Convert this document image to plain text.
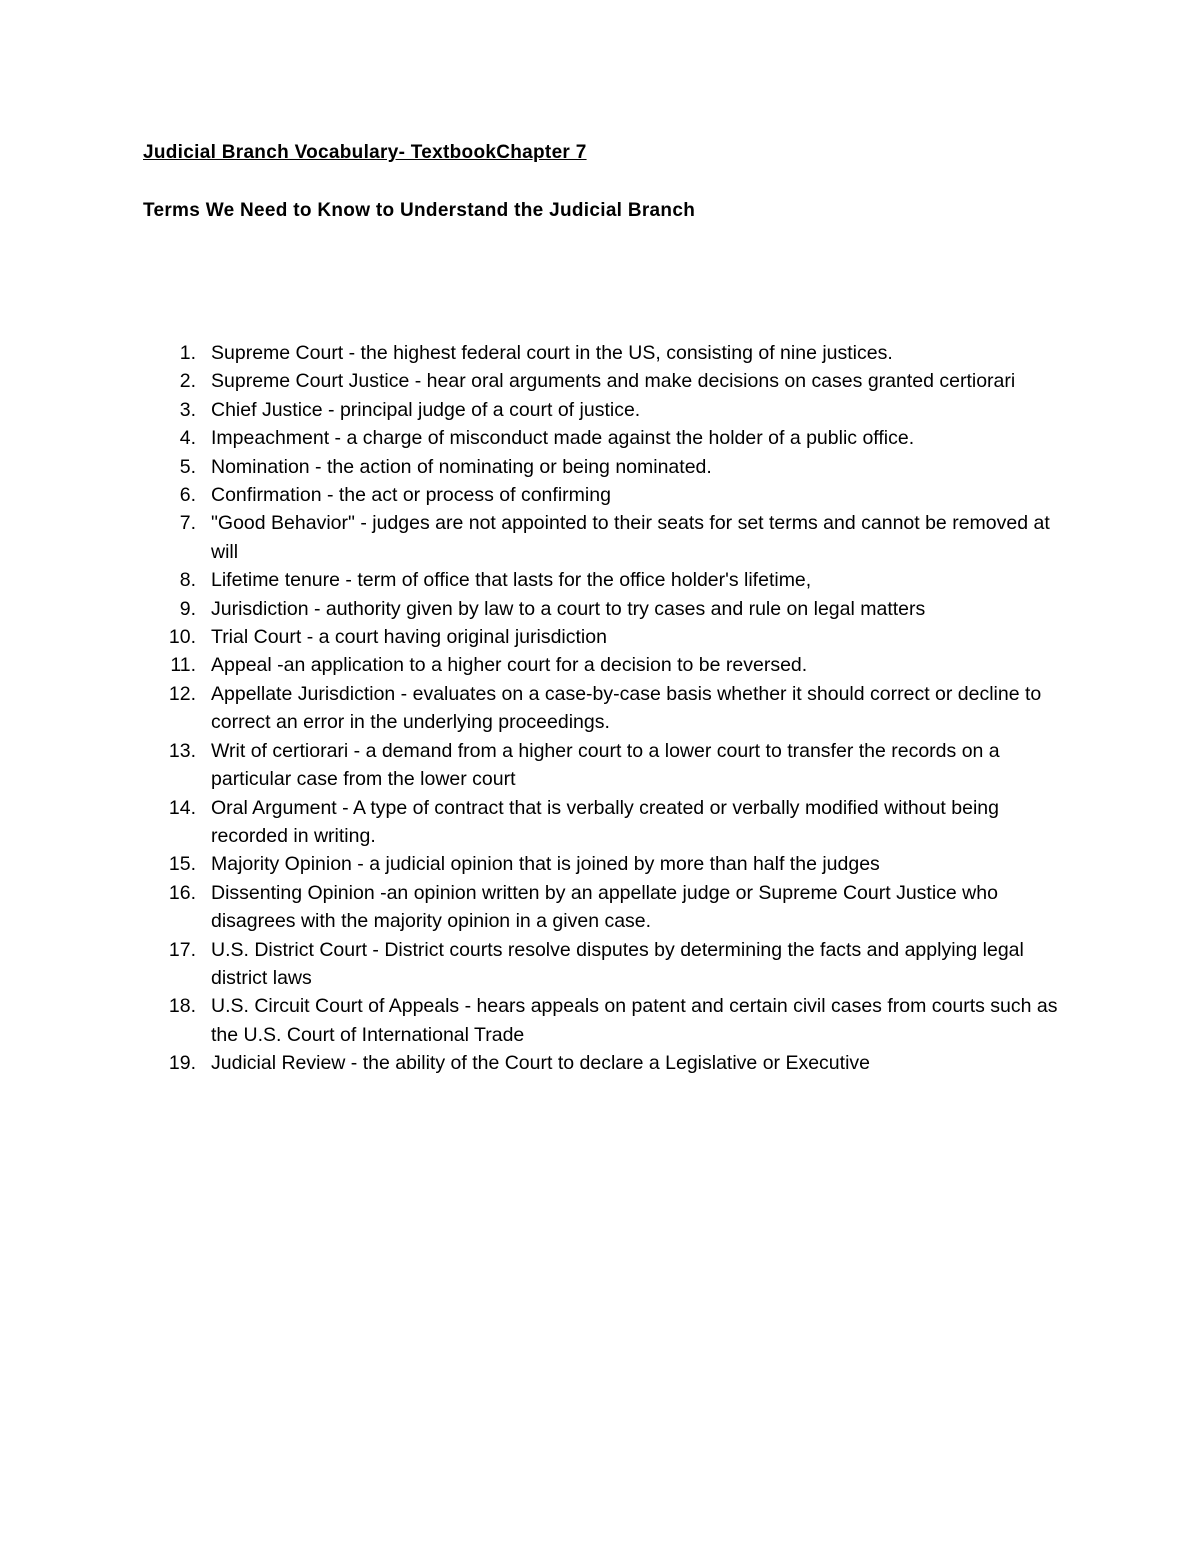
Judicial Branch Vocabulary- TextbookChapter 7
Terms We Need to Know to Understand the Judicial Branch
1. Supreme Court - the highest federal court in the US, consisting of nine justices.
2. Supreme Court Justice - hear oral arguments and make decisions on cases granted certiorari
3. Chief Justice - principal judge of a court of justice.
4. Impeachment - a charge of misconduct made against the holder of a public office.
5. Nomination - the action of nominating or being nominated.
6. Confirmation - the act or process of confirming
7. "Good Behavior" - judges are not appointed to their seats for set terms and cannot be removed at will
8. Lifetime tenure - term of office that lasts for the office holder's lifetime,
9. Jurisdiction - authority given by law to a court to try cases and rule on legal matters
10. Trial Court - a court having original jurisdiction
11. Appeal -an application to a higher court for a decision to be reversed.
12. Appellate Jurisdiction - evaluates on a case-by-case basis whether it should correct or decline to correct an error in the underlying proceedings.
13. Writ of certiorari - a demand from a higher court to a lower court to transfer the records on a particular case from the lower court
14. Oral Argument - A type of contract that is verbally created or verbally modified without being recorded in writing.
15. Majority Opinion - a judicial opinion that is joined by more than half the judges
16. Dissenting Opinion -an opinion written by an appellate judge or Supreme Court Justice who disagrees with the majority opinion in a given case.
17. U.S. District Court - District courts resolve disputes by determining the facts and applying legal district laws
18. U.S. Circuit Court of Appeals - hears appeals on patent and certain civil cases from courts such as the U.S. Court of International Trade
19. Judicial Review - the ability of the Court to declare a Legislative or Executive
